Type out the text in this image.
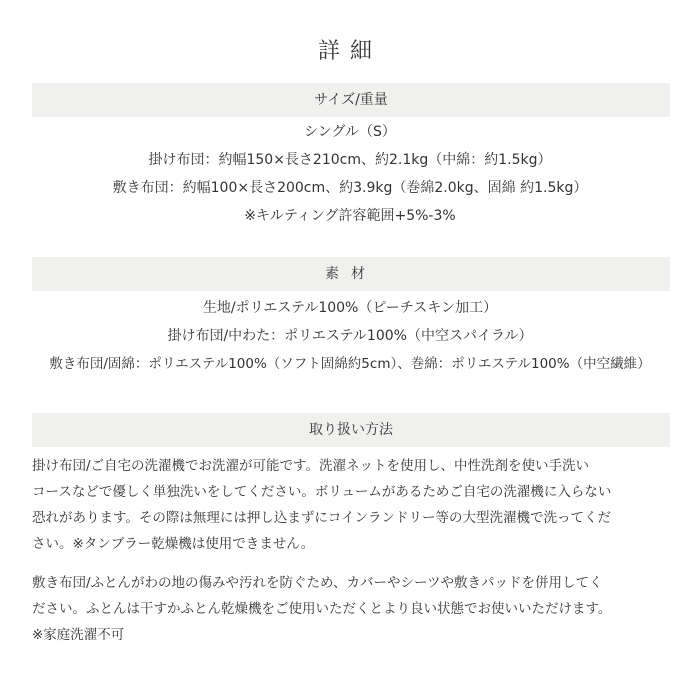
詳細
サイズ/重量
シングル（S）
掛け布団：約幅150×長さ210cm、約2.1kg（中綿：約1.5kg）
敷き布団：約幅100×長さ200cm、約3.9kg（巻綿2.0kg、固綿 約1.5kg）
※キルティング許容範囲+5%-3%
素材
生地/ポリエステル100%（ピーチスキン加工）
掛け布団/中わた：ポリエステル100%（中空スパイラル）
敷き布団/固綿：ポリエステル100%（ソフト固綿約5cm）、巻綿：ポリエステル100%（中空繊維）
取り扱い方法
掛け布団/ご自宅の洗濯機でお洗濯が可能です。洗濯ネットを使用し、中性洗剤を使い手洗い
コースなどで優しく単独洗いをしてください。ボリュームがあるためご自宅の洗濯機に入らない
恐れがあります。その際は無理には押し込まずにコインランドリー等の大型洗濯機で洗ってくだ
さい。※タンブラー乾燥機は使用できません。
敷き布団/ふとんがわの地の傷みや汚れを防ぐため、カバーやシーツや敷きパッドを併用してく
ださい。ふとんは干すかふとん乾燥機をご使用いただくとより良い状態でお使いいただけます。
※家庭洗濯不可
